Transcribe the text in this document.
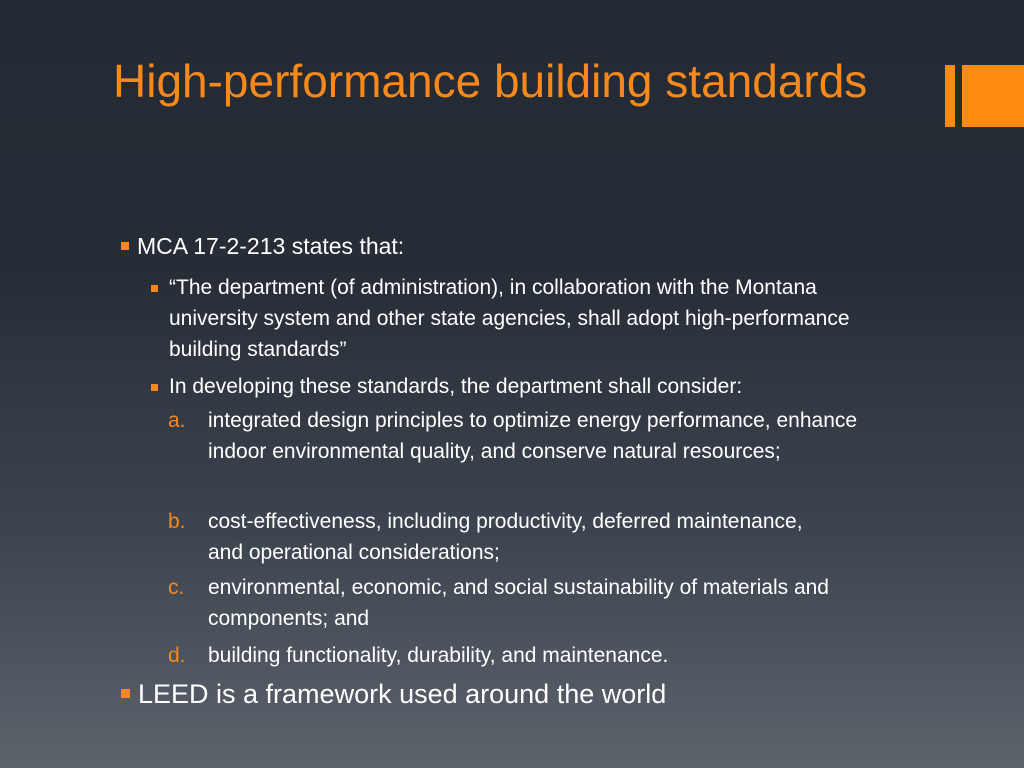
High-performance building standards
MCA 17-2-213 states that:
“The department (of administration), in collaboration with the Montana university system and other state agencies, shall adopt high-performance building standards”
In developing these standards, the department shall consider:
a.	integrated design principles to optimize energy performance, enhance indoor environmental quality, and conserve natural resources;
b.	cost-effectiveness, including productivity, deferred maintenance, and operational considerations;
c.	environmental, economic, and social sustainability of materials and components; and
d.	building functionality, durability, and maintenance.
LEED is a framework used around the world
